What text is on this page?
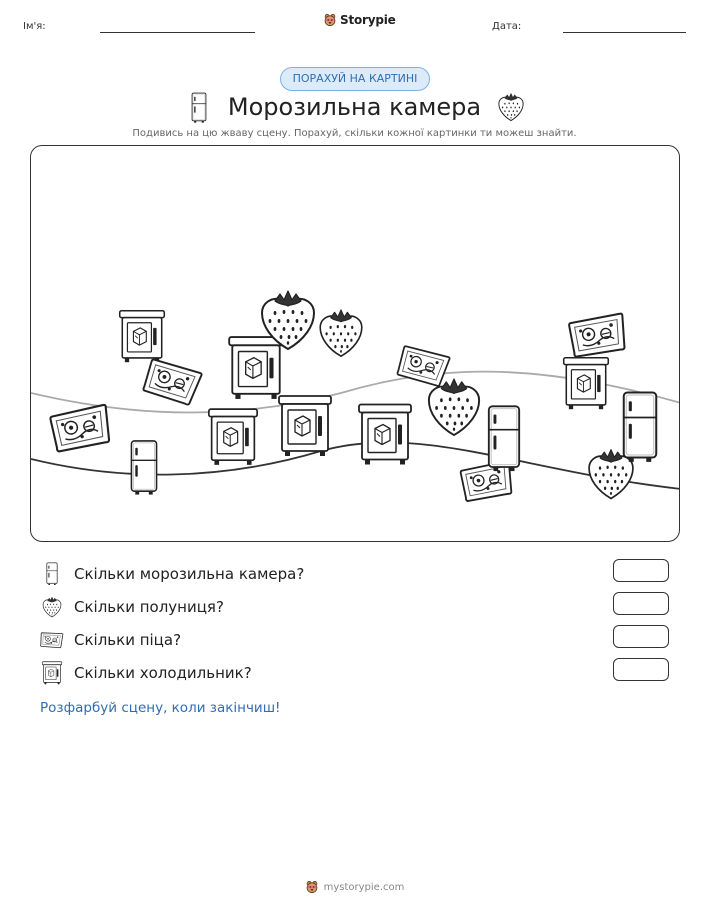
Ім'я:	Storypie	Дата:
ПОРАХУЙ НА КАРТИНІ
Морозильна камера
Подивись на цю жваву сцену. Порахуй, скільки кожної картинки ти можеш знайти.
Скільки морозильна камера?
Скільки полуниця?
Скільки піца?
Скільки холодильник?
Розфарбуй сцену, коли закінчиш!
mystorypie.com
